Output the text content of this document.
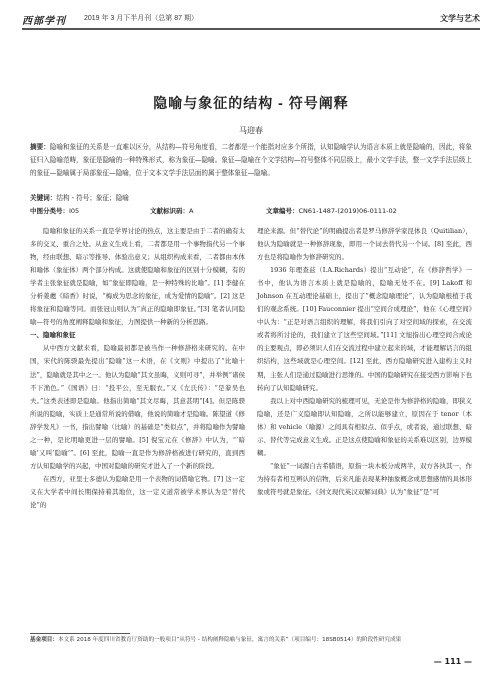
西部学刊	2019 年 3 月下半月刊（总第 87 期）	文学与艺术
隐喻与象征的结构 - 符号阐释
马迎春
摘要：隐喻和象征的关系是一直难以区分，从结构—符号角度看，二者都是一个能指对应多个所指，认知隐喻学认为语言本质上就是隐喻的，因此，将象征归入隐喻范畴，象征是隐喻的一种特殊形式，称为象征—隐喻。象征—隐喻在个文学结构—符号整体不同层级上，最小文学手法，整一文学手法层级上的象征—隐喻属于局部象征—隐喻，位于文本文学手法层面的属于整体象征—隐喻。
关键词：结构 - 符号；象征；隐喻
中图分类号：I05	文献标识码：A	文章编号：CN61-1487-(2019)06-0111-02

隐喻和象征的关系一直是学界讨论的热点，这主要是由于二者的确有太多的交叉、重合之处。从意义生成上看，二者都是用一个事物指代另一个事物，经由联想、暗示等推导、体验出意义；从组织构成来看，二者都由本体和喻体（象征体）两个部分构成。这就使隐喻和象征的区别十分模糊，有的学者主张象征就是隐喻，如“象征即隐喻，是一种特殊的比喻”。[1] 李健在分析姜夔《暗香》时说，“梅成为思念的象征，成为爱情的隐喻”。[2] 这是将象征和隐喻等同。而张冠山则认为“真正的隐喻即象征。”[3] 笔者认同隐喻—符号的角度阐释隐喻和象征，力图提供一种新的分析思路。

一、隐喻和象征

从中西方文献来看，隐喻最初都是被当作一种修辞格来研究的。在中国，宋代的陈骙最先提出“隐喻”这一术语，在《文则》中提出了“比喻十法”，隐喻就是其中之一。他认为隐喻“其文虽晦，义则可寻”，并举例“诸侯不下渔色。”《国语》曰：“投平公，至无服衣。”又《左氏传》：“是豢吴也夫。”这类表述即是隐喻。他指出简喻“其文尽晦，其意甚明”[4]。但是陈骙所说的隐喻，实质上是通常所说的借喻，他说的简喻才是隐喻。陈望道《修辞学发凡》一书，指出譬喻（比喻）的基础是“类似点”，并将隐喻作为譬喻之一种，是比明喻更进一层的譬喻。[5] 倪宝元在《修辞》中认为，“‘暗喻’又叫‘隐喻’”。[6] 至此，隐喻一直是作为修辞格被进行研究的，直到西方认知隐喻学的兴起，中国对隐喻的研究才进入了一个新的阶段。

在西方，亚里士多德认为隐喻是用一个表物的词借喻它物。[7] 这一定义在大学者中间长期保持着其地位，这一定义道常被学术界认为是“替代论”的

理论来源。但“替代论”的明确提出者是罗马修辞学家昆体良（Quitilian），他认为隐喻就是一种修辞现象，即用一个词去替代另一个词。[8] 至此，西方也是将隐喻作为修辞研究的。

1936 年理查兹（I.A.Richards）提出“互动论”，在《修辞哲学》一书中，他认为语言本质上就是隐喻的，隐喻无处不在。[9] Lakoff 和 Johnson 在互动理论基础上，提出了“概念隐喻理论”，认为隐喻根植于我们的观念系统。[10] Fauconnier 提出“空间合成理论”，他在《心理空间》中认为：“正是对语言组织的理解，将我们引向了对空间域的探索，在交流或者将所讨论的，我们建立了这些空间域。”[11] 文旭指出心理空间合成论的主要观点，即必须识人们在交流过程中建立起来的域，才能理解话言的组织结构，这些域就是心理空间。[12] 至此，西方隐喻研究进入建构主义时期，主张人们是通过隐喻进行思维的。中国的隐喻研究在接受西方影响下也转向了认知隐喻研究。

我以上对中西隐喻研究的梳理可见，无论是作为修辞格的隐喻，即狭义隐喻，还是广义隐喻即认知隐喻，之所以能够建立，原因在于 tenor（本体）和 vehicle（喻源）之间具有相似点、似乎点，或者说，通过联想、暗示、替代等完成意义生成。正是这点使隐喻和象征的关系难以区别，边界模糊。

“象征”一词源自古希腊语，原指一块木板分成两半，双方各执其一，作为持有者相互辨认的信物，后来凡能表现某种抽象概念或思想感情的具体形象或符号就是象征。《剑文现代英汉双解词典》认为“象征”是“可

基金项目：本文系 2018 年度四川省教育厅资助的一般项目“从符号 - 结构阐释隐喻与象征，寓言的关系”（项目编号：18SB0514）的阶段性研究成果
— 111 —
